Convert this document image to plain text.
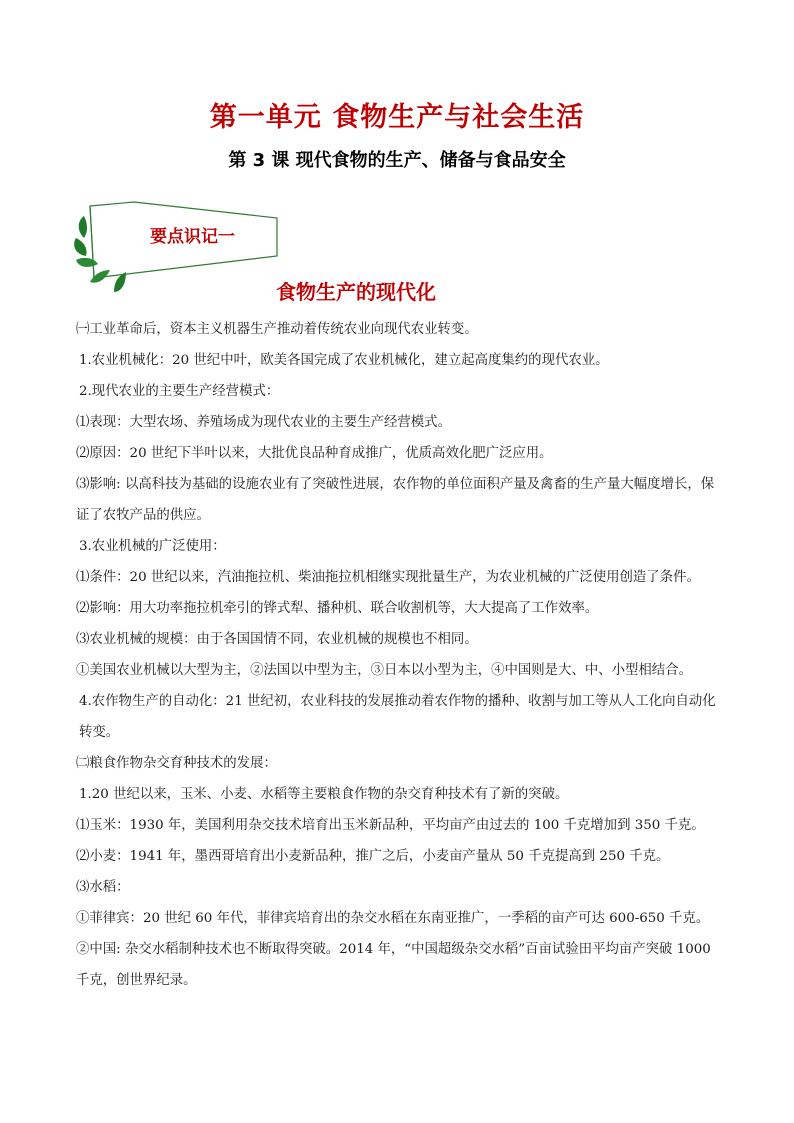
第一单元 食物生产与社会生活
第 3 课 现代食物的生产、储备与食品安全
要点识记一
食物生产的现代化
㈠工业革命后，资本主义机器生产推动着传统农业向现代农业转变。
1.农业机械化：20 世纪中叶，欧美各国完成了农业机械化，建立起高度集约的现代农业。
2.现代农业的主要生产经营模式：
⑴表现：大型农场、养殖场成为现代农业的主要生产经营模式。
⑵原因：20 世纪下半叶以来，大批优良品种育成推广，优质高效化肥广泛应用。
⑶影响: 以高科技为基础的设施农业有了突破性进展，农作物的单位面积产量及禽畜的生产量大幅度增长，保证了农牧产品的供应。
3.农业机械的广泛使用：
⑴条件：20 世纪以来，汽油拖拉机、柴油拖拉机相继实现批量生产，为农业机械的广泛使用创造了条件。
⑵影响：用大功率拖拉机牵引的铧式犁、播种机、联合收割机等，大大提高了工作效率。
⑶农业机械的规模：由于各国国情不同，农业机械的规模也不相同。
①美国农业机械以大型为主，②法国以中型为主，③日本以小型为主，④中国则是大、中、小型相结合。
4.农作物生产的自动化：21 世纪初，农业科技的发展推动着农作物的播种、收割与加工等从人工化向自动化转变。
㈡粮食作物杂交育种技术的发展：
1.20 世纪以来，玉米、小麦、水稻等主要粮食作物的杂交育种技术有了新的突破。
⑴玉米：1930 年，美国利用杂交技术培育出玉米新品种，平均亩产由过去的 100 千克增加到 350 千克。
⑵小麦：1941 年，墨西哥培育出小麦新品种，推广之后，小麦亩产量从 50 千克提高到 250 千克。
⑶水稻：
①菲律宾：20 世纪 60 年代，菲律宾培育出的杂交水稻在东南亚推广，一季稻的亩产可达 600-650 千克。
②中国: 杂交水稻制种技术也不断取得突破。2014 年，“中国超级杂交水稻”百亩试验田平均亩产突破 1000 千克，创世界纪录。
